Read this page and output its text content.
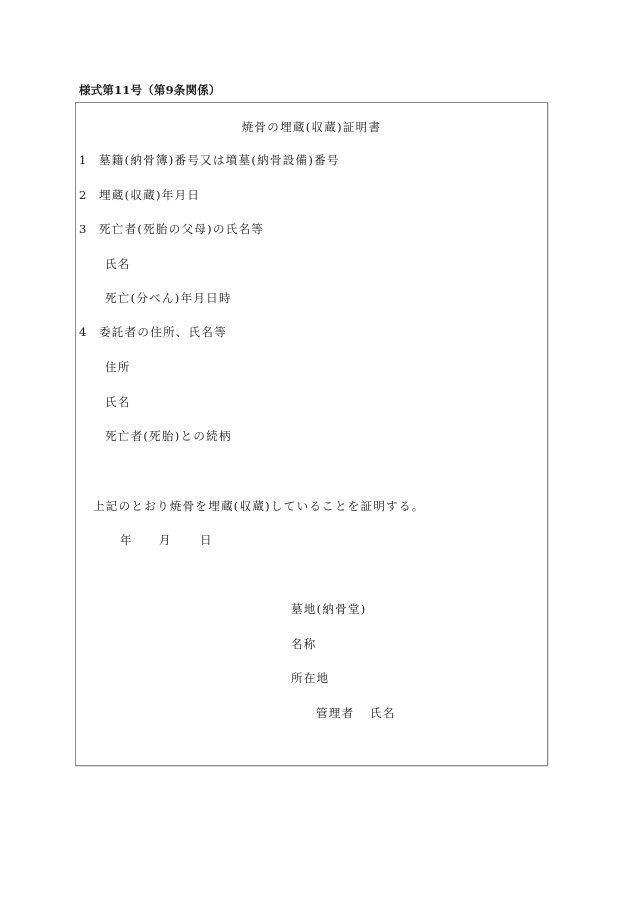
様式第11号（第9条関係）
焼骨の埋蔵(収蔵)証明書
1 墓籍(納骨簿)番号又は墳墓(納骨設備)番号
2 埋蔵(収蔵)年月日
3 死亡者(死胎の父母)の氏名等
氏名
死亡(分べん)年月日時
4 委託者の住所、氏名等
住所
氏名
死亡者(死胎)との続柄
上記のとおり焼骨を埋蔵(収蔵)していることを証明する。
年 月 日
墓地(納骨堂)
名称
所在地
管理者 氏名
